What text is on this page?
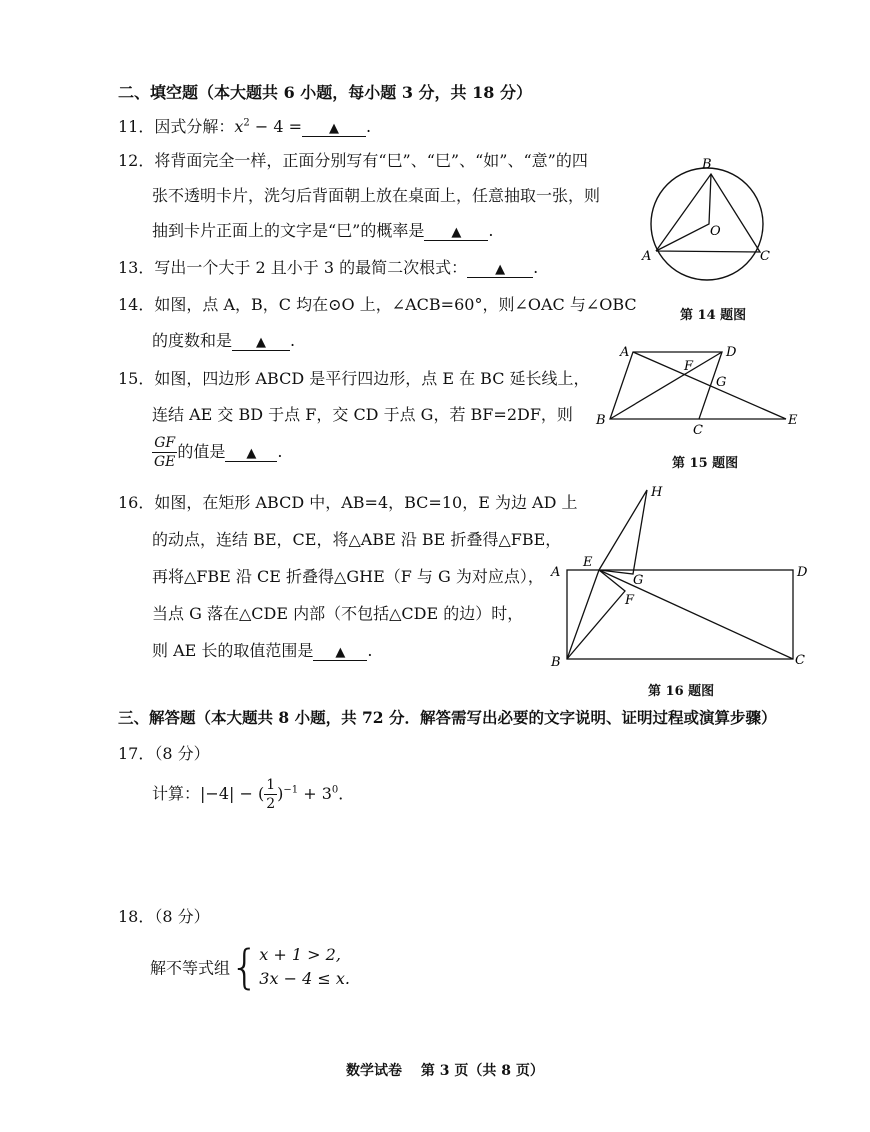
二、填空题（本大题共 6 小题，每小题 3 分，共 18 分）
11．因式分解：$x^2 - 4$ = ▲ .
12．将背面完全一样，正面分别写有“巳”、“巳”、“如”、“意”的四
张不透明卡片，洗匀后背面朝上放在桌面上，任意抽取一张，则
抽到卡片正面上的文字是“巳”的概率是 ▲ .
13．写出一个大于 2 且小于 3 的最简二次根式： ▲ .
14．如图，点 A，B，C 均在⊙O 上，∠ACB=60°，则∠OAC 与∠OBC
的度数和是 ▲ .
15．如图，四边形 ABCD 是平行四边形，点 E 在 BC 延长线上，
连结 AE 交 BD 于点 F，交 CD 于点 G，若 BF=2DF，则
$\frac{GF}{GE}$ 的值是 ▲ .
16．如图，在矩形 ABCD 中，AB=4，BC=10，E 为边 AD 上
的动点，连结 BE，CE，将△ABE 沿 BE 折叠得△FBE，
再将△FBE 沿 CE 折叠得△GHE（F 与 G 为对应点），
当点 G 落在△CDE 内部（不包括△CDE 的边）时，
则 AE 长的取值范围是 ▲ .
B
O
A	C
第 14 题图
A	D
F
G
B
C
E
第 15 题图
H
E
A	D
G
F
B	C
第 16 题图
三、解答题（本大题共 8 小题，共 72 分．解答需写出必要的文字说明、证明过程或演算步骤）
17．（8 分）
计算：|−4| − ( $\frac{1}{2} )^{-1} + 3^0$．
18．（8 分）
解不等式组{ x + 1 > 2,
3x − 4 ≤ x.
数学试卷　 第 3 页（共 8 页）
